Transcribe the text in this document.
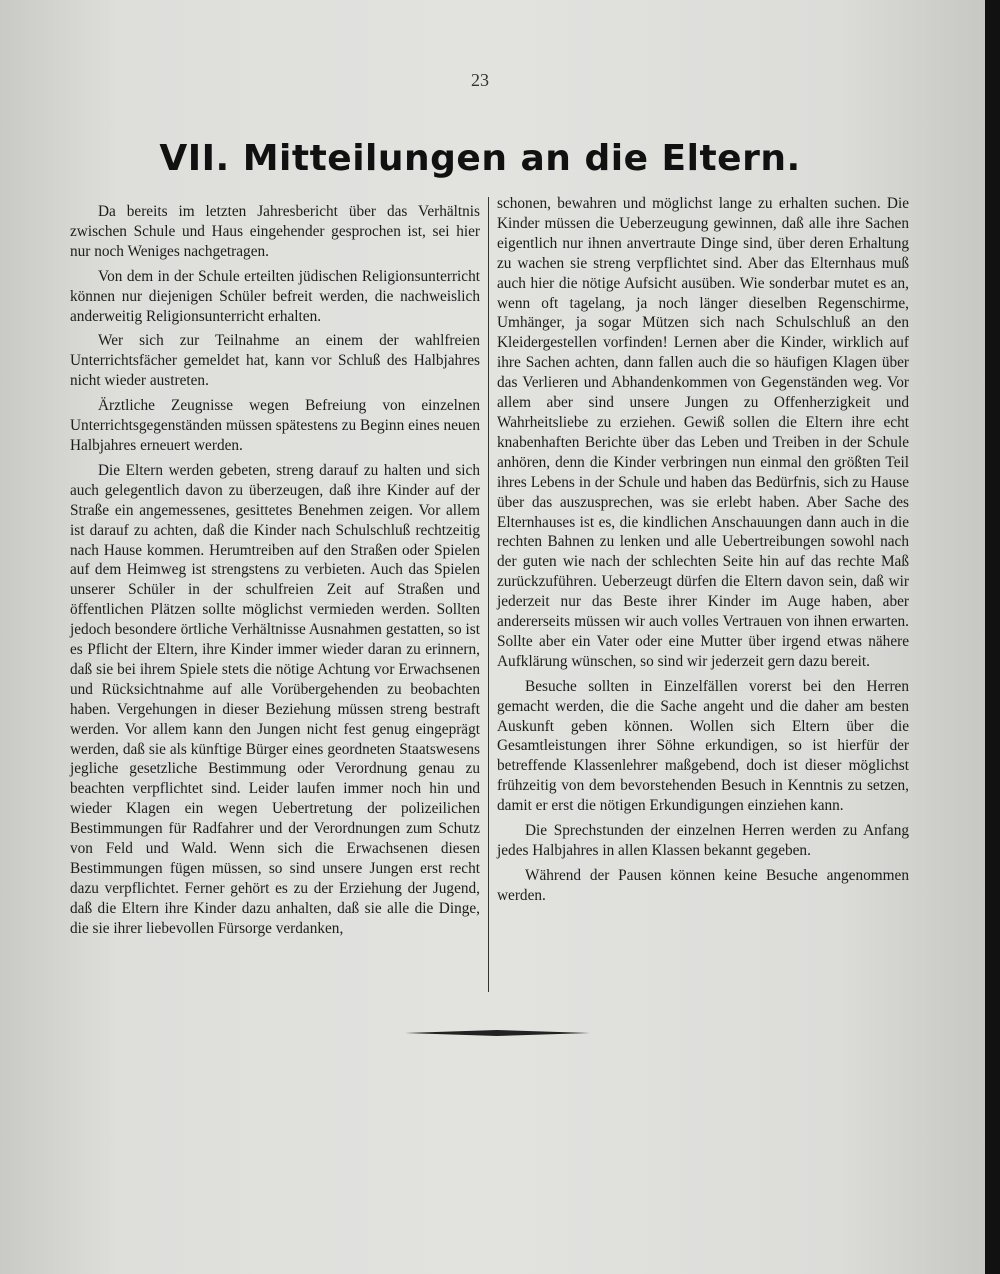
23
VII. Mitteilungen an die Eltern.

Da bereits im letzten Jahresbericht über das Verhältnis zwischen Schule und Haus eingehender gesprochen ist, sei hier nur noch Weniges nachgetragen.

Von dem in der Schule erteilten jüdischen Religionsunterricht können nur diejenigen Schüler befreit werden, die nachweislich anderweitig Religionsunterricht erhalten.

Wer sich zur Teilnahme an einem der wahlfreien Unterrichtsfächer gemeldet hat, kann vor Schluß des Halbjahres nicht wieder austreten.

Ärztliche Zeugnisse wegen Befreiung von einzelnen Unterrichtsgegenständen müssen spätestens zu Beginn eines neuen Halbjahres erneuert werden.

Die Eltern werden gebeten, streng darauf zu halten und sich auch gelegentlich davon zu überzeugen, daß ihre Kinder auf der Straße ein angemessenes, gesittetes Benehmen zeigen. Vor allem ist darauf zu achten, daß die Kinder nach Schulschluß rechtzeitig nach Hause kommen. Herumtreiben auf den Straßen oder Spielen auf dem Heimweg ist strengstens zu verbieten. Auch das Spielen unserer Schüler in der schulfreien Zeit auf Straßen und öffentlichen Plätzen sollte möglichst vermieden werden. Sollten jedoch besondere örtliche Verhältnisse Ausnahmen gestatten, so ist es Pflicht der Eltern, ihre Kinder immer wieder daran zu erinnern, daß sie bei ihrem Spiele stets die nötige Achtung vor Erwachsenen und Rücksichtnahme auf alle Vorübergehenden zu beobachten haben. Vergehungen in dieser Beziehung müssen streng bestraft werden. Vor allem kann den Jungen nicht fest genug eingeprägt werden, daß sie als künftige Bürger eines geordneten Staatswesens jegliche gesetzliche Bestimmung oder Verordnung genau zu beachten verpflichtet sind. Leider laufen immer noch hin und wieder Klagen ein wegen Uebertretung der polizeilichen Bestimmungen für Radfahrer und der Verordnungen zum Schutz von Feld und Wald. Wenn sich die Erwachsenen diesen Bestimmungen fügen müssen, so sind unsere Jungen erst recht dazu verpflichtet. Ferner gehört es zu der Erziehung der Jugend, daß die Eltern ihre Kinder dazu anhalten, daß sie alle die Dinge, die sie ihrer liebevollen Fürsorge verdanken,

schonen, bewahren und möglichst lange zu erhalten suchen. Die Kinder müssen die Ueberzeugung gewinnen, daß alle ihre Sachen eigentlich nur ihnen anvertraute Dinge sind, über deren Erhaltung zu wachen sie streng verpflichtet sind. Aber das Elternhaus muß auch hier die nötige Aufsicht ausüben. Wie sonderbar mutet es an, wenn oft tagelang, ja noch länger dieselben Regenschirme, Umhänger, ja sogar Mützen sich nach Schulschluß an den Kleidergestellen vorfinden! Lernen aber die Kinder, wirklich auf ihre Sachen achten, dann fallen auch die so häufigen Klagen über das Verlieren und Abhandenkommen von Gegenständen weg. Vor allem aber sind unsere Jungen zu Offenherzigkeit und Wahrheitsliebe zu erziehen. Gewiß sollen die Eltern ihre echt knabenhaften Berichte über das Leben und Treiben in der Schule anhören, denn die Kinder verbringen nun einmal den größten Teil ihres Lebens in der Schule und haben das Bedürfnis, sich zu Hause über das auszusprechen, was sie erlebt haben. Aber Sache des Elternhauses ist es, die kindlichen Anschauungen dann auch in die rechten Bahnen zu lenken und alle Uebertreibungen sowohl nach der guten wie nach der schlechten Seite hin auf das rechte Maß zurückzuführen. Ueberzeugt dürfen die Eltern davon sein, daß wir jederzeit nur das Beste ihrer Kinder im Auge haben, aber andererseits müssen wir auch volles Vertrauen von ihnen erwarten. Sollte aber ein Vater oder eine Mutter über irgend etwas nähere Aufklärung wünschen, so sind wir jederzeit gern dazu bereit.

Besuche sollten in Einzelfällen vorerst bei den Herren gemacht werden, die die Sache angeht und die daher am besten Auskunft geben können. Wollen sich Eltern über die Gesamtleistungen ihrer Söhne erkundigen, so ist hierfür der betreffende Klassenlehrer maßgebend, doch ist dieser möglichst frühzeitig von dem bevorstehenden Besuch in Kenntnis zu setzen, damit er erst die nötigen Erkundigungen einziehen kann.

Die Sprechstunden der einzelnen Herren werden zu Anfang jedes Halbjahres in allen Klassen bekannt gegeben.

Während der Pausen können keine Besuche angenommen werden.
